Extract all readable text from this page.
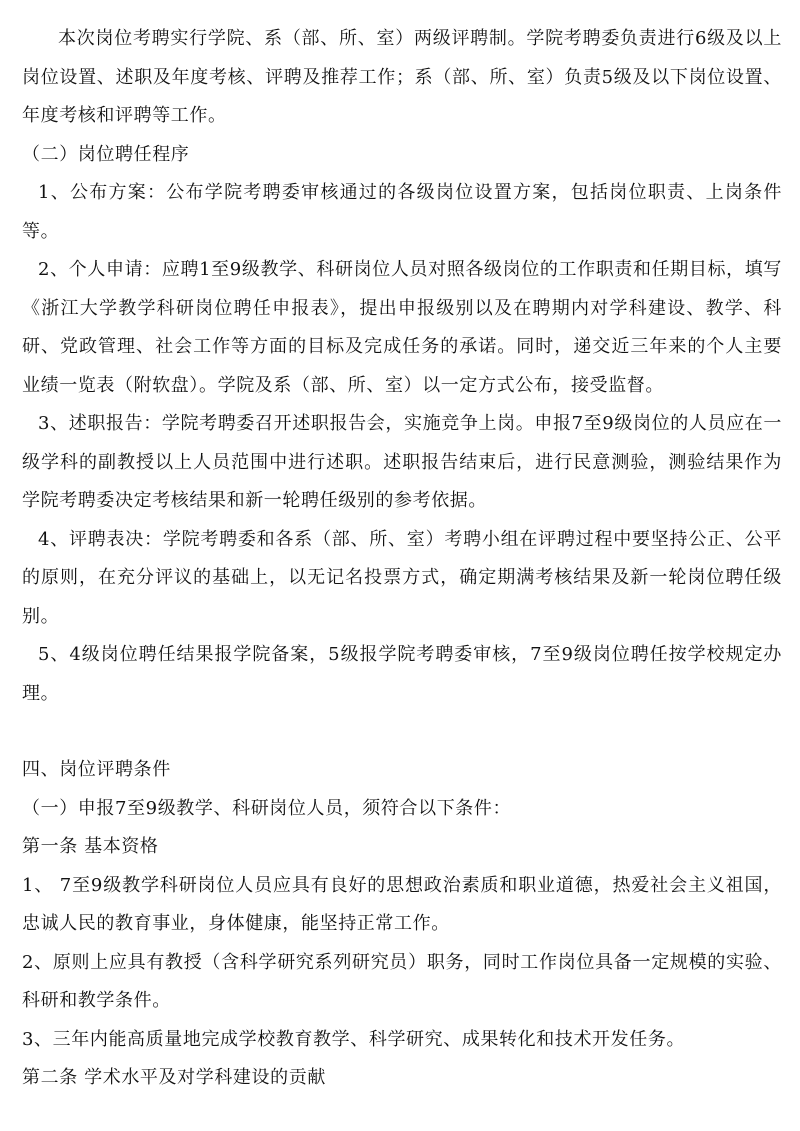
本次岗位考聘实行学院、系（部、所、室）两级评聘制。学院考聘委负责进行6级及以上岗位设置、述职及年度考核、评聘及推荐工作；系（部、所、室）负责5级及以下岗位设置、年度考核和评聘等工作。

（二）岗位聘任程序

1、公布方案：公布学院考聘委审核通过的各级岗位设置方案，包括岗位职责、上岗条件等。

2、个人申请：应聘1至9级教学、科研岗位人员对照各级岗位的工作职责和任期目标，填写《浙江大学教学科研岗位聘任申报表》，提出申报级别以及在聘期内对学科建设、教学、科研、党政管理、社会工作等方面的目标及完成任务的承诺。同时，递交近三年来的个人主要业绩一览表（附软盘）。学院及系（部、所、室）以一定方式公布，接受监督。

3、述职报告：学院考聘委召开述职报告会，实施竞争上岗。申报7至9级岗位的人员应在一级学科的副教授以上人员范围中进行述职。述职报告结束后，进行民意测验，测验结果作为学院考聘委决定考核结果和新一轮聘任级别的参考依据。

4、评聘表决：学院考聘委和各系（部、所、室）考聘小组在评聘过程中要坚持公正、公平的原则，在充分评议的基础上，以无记名投票方式，确定期满考核结果及新一轮岗位聘任级别。

5、4级岗位聘任结果报学院备案，5级报学院考聘委审核，7至9级岗位聘任按学校规定办理。

四、岗位评聘条件

（一）申报7至9级教学、科研岗位人员，须符合以下条件：

第一条 基本资格

1、 7至9级教学科研岗位人员应具有良好的思想政治素质和职业道德，热爱社会主义祖国，忠诚人民的教育事业，身体健康，能坚持正常工作。

2、原则上应具有教授（含科学研究系列研究员）职务，同时工作岗位具备一定规模的实验、科研和教学条件。

3、三年内能高质量地完成学校教育教学、科学研究、成果转化和技术开发任务。

第二条 学术水平及对学科建设的贡献
